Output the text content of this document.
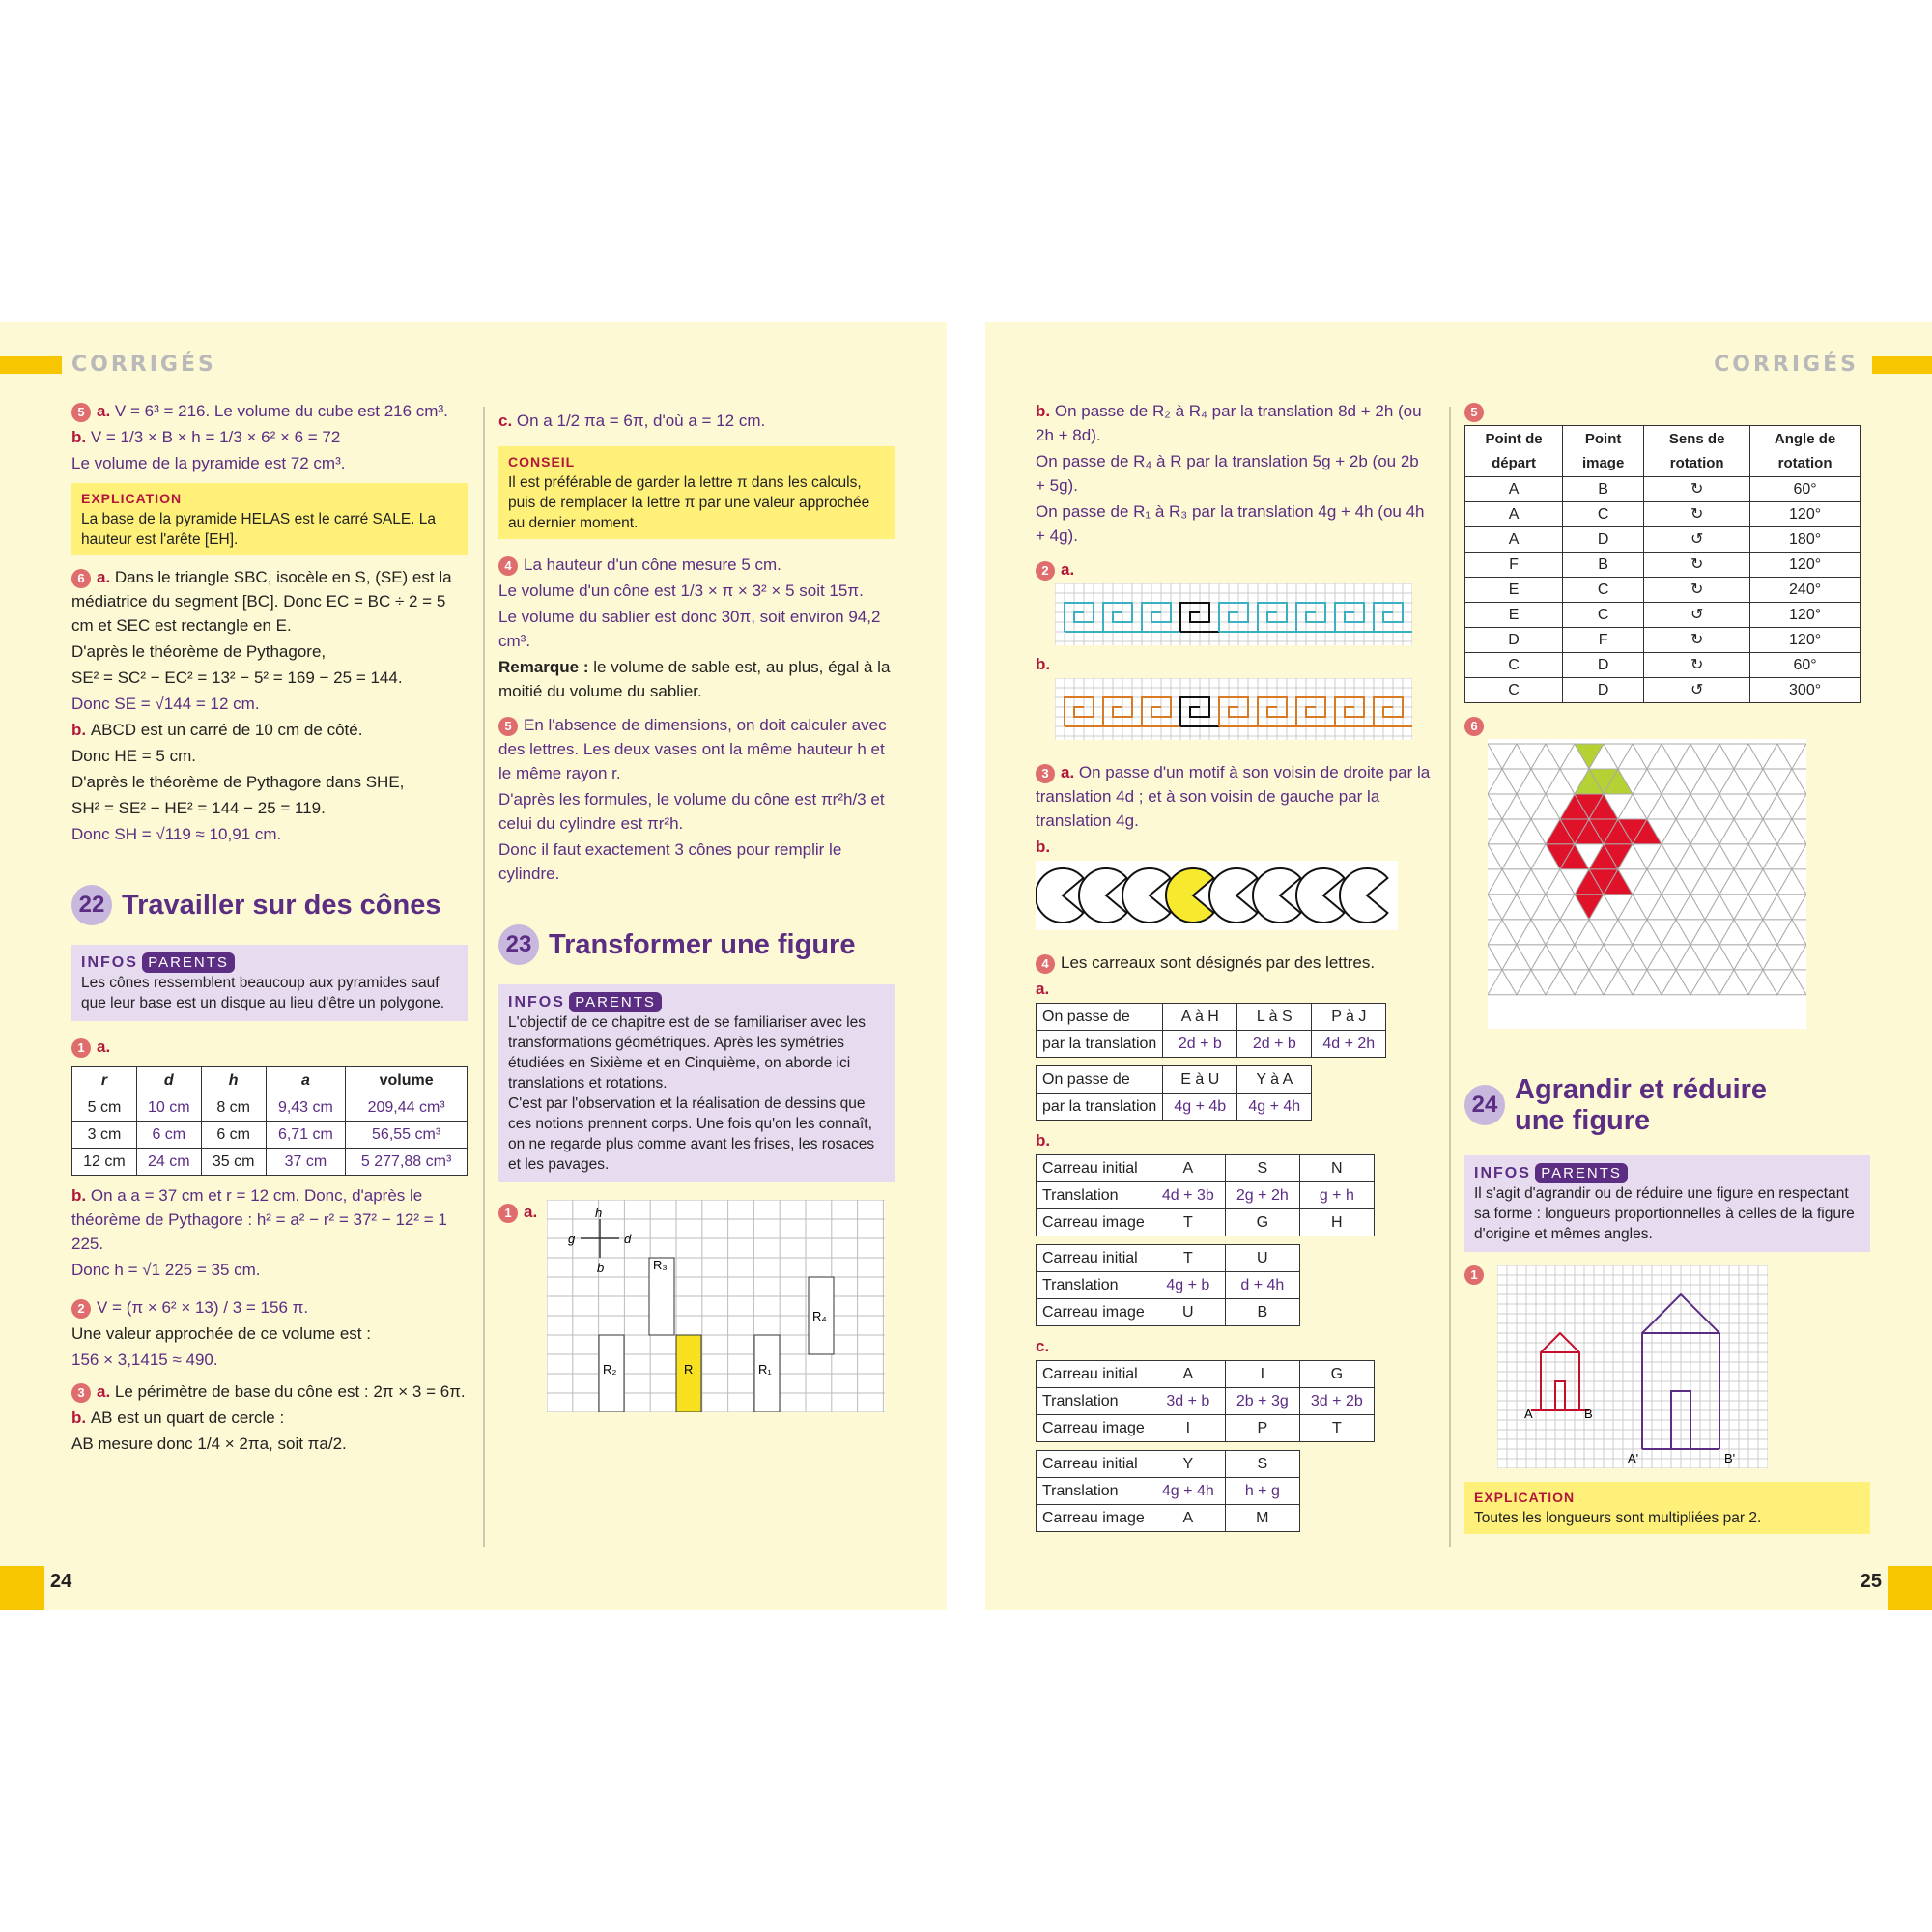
CORRIGÉS

5 a. V = 6³ = 216. Le volume du cube est 216 cm³.

b. V = 1/3 × B × h = 1/3 × 6² × 6 = 72

Le volume de la pyramide est 72 cm³.

EXPLICATION
La base de la pyramide HELAS est le carré SALE. La hauteur est l'arête [EH].

6 a. Dans le triangle SBC, isocèle en S, (SE) est la médiatrice du segment [BC]. Donc EC = BC ÷ 2 = 5 cm et SEC est rectangle en E.

D'après le théorème de Pythagore,

SE² = SC² − EC² = 13² − 5² = 169 − 25 = 144.

Donc SE = √144 = 12 cm.

b. ABCD est un carré de 10 cm de côté.

Donc HE = 5 cm.

D'après le théorème de Pythagore dans SHE,

SH² = SE² − HE² = 144 − 25 = 119.

Donc SH = √119 ≈ 10,91 cm.

22 Travailler sur des cônes
INFOS PARENTS
Les cônes ressemblent beaucoup aux pyramides sauf que leur base est un disque au lieu d'être un polygone.

1 a.

r	d	h	a	volume
5 cm	10 cm	8 cm	9,43 cm	209,44 cm³
3 cm	6 cm	6 cm	6,71 cm	56,55 cm³
12 cm	24 cm	35 cm	37 cm	5 277,88 cm³

b. On a a = 37 cm et r = 12 cm. Donc, d'après le théorème de Pythagore : h² = a² − r² = 37² − 12² = 1 225.

Donc h = √1 225 = 35 cm.

2 V = (π × 6² × 13) / 3 = 156 π.

Une valeur approchée de ce volume est :

156 × 3,1415 ≈ 490.

3 a. Le périmètre de base du cône est : 2π × 3 = 6π.

b. AB est un quart de cercle :

AB mesure donc 1/4 × 2πa, soit πa/2.

c. On a 1/2 πa = 6π, d'où a = 12 cm.

CONSEIL
Il est préférable de garder la lettre π dans les calculs, puis de remplacer la lettre π par une valeur approchée au dernier moment.

4 La hauteur d'un cône mesure 5 cm.

Le volume d'un cône est 1/3 × π × 3² × 5 soit 15π.

Le volume du sablier est donc 30π, soit environ 94,2 cm³.

Remarque : le volume de sable est, au plus, égal à la moitié du volume du sablier.

5 En l'absence de dimensions, on doit calculer avec des lettres. Les deux vases ont la même hauteur h et le même rayon r.

D'après les formules, le volume du cône est πr²h/3 et celui du cylindre est πr²h.

Donc il faut exactement 3 cônes pour remplir le cylindre.

23 Transformer une figure
INFOS PARENTS
L'objectif de ce chapitre est de se familiariser avec les transformations géométriques. Après les symétries étudiées en Sixième et en Cinquième, on aborde ici translations et rotations.
C'est par l'observation et la réalisation de dessins que ces notions prennent corps. Une fois qu'on les connaît, on ne regarde plus comme avant les frises, les rosaces et les pavages.
1 a.	h
g	d
b	R₃
R₄
R₂	R	R₁
24
CORRIGÉS

b. On passe de R₂ à R₄ par la translation 8d + 2h (ou 2h + 8d).

On passe de R₄ à R par la translation 5g + 2b (ou 2b + 5g).

On passe de R₁ à R₃ par la translation 4g + 4h (ou 4h + 4g).

2 a.

b.

3 a. On passe d'un motif à son voisin de droite par la translation 4d ; et à son voisin de gauche par la translation 4g.

b.

4 Les carreaux sont désignés par des lettres.

a.

On passe de	A à H	L à S	P à J
par la translation	2d + b	2d + b	4d + 2h
On passe de	E à U	Y à A
par la translation	4g + 4b	4g + 4h

b.

Carreau initial	A	S	N
Translation	4d + 3b	2g + 2h	g + h
Carreau image	T	G	H
Carreau initial	T	U
Translation	4g + b	d + 4h
Carreau image	U	B

c.

Carreau initial	A	I	G
Translation	3d + b	2b + 3g	3d + 2b
Carreau image	I	P	T
Carreau initial	Y	S
Translation	4g + 4h	h + g
Carreau image	A	M

5

Point de départ	Point image	Sens de rotation	Angle de rotation
A	B	↻	60°
A	C	↻	120°
A	D	↺	180°
F	B	↻	120°
E	C	↻	240°
E	C	↺	120°
D	F	↻	120°
C	D	↻	60°
C	D	↺	300°

6

24 Agrandir et réduire une figure
INFOS PARENTS
Il s'agit d'agrandir ou de réduire une figure en respectant sa forme : longueurs proportionnelles à celles de la figure d'origine et mêmes angles.
1
A	B
A'	B'
EXPLICATION
Toutes les longueurs sont multipliées par 2.
25
